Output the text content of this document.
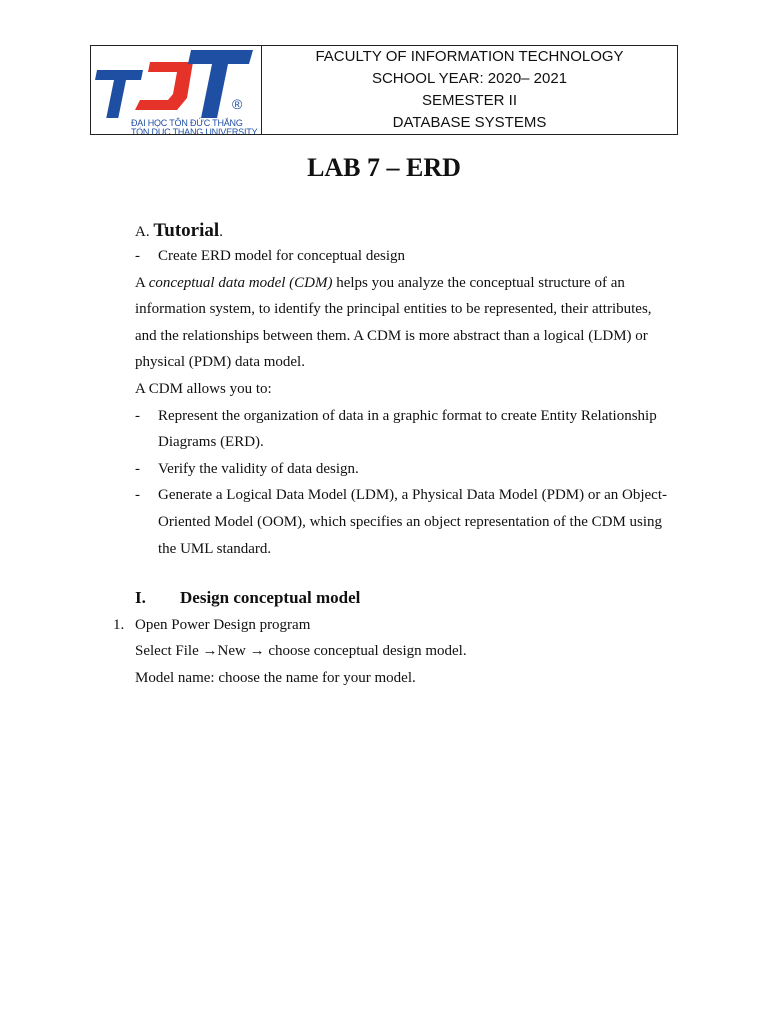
®
ĐẠI HỌC TÔN ĐỨC THẮNG
TON DUC THANG UNIVERSITY
FACULTY OF INFORMATION TECHNOLOGY
SCHOOL YEAR: 2020– 2021
SEMESTER II
DATABASE SYSTEMS
LAB 7 – ERD
A. Tutorial.
- Create ERD model for conceptual design
A conceptual data model (CDM) helps you analyze the conceptual structure of an
information system, to identify the principal entities to be represented, their attributes,
and the relationships between them. A CDM is more abstract than a logical (LDM) or
physical (PDM) data model.
A CDM allows you to:
- Represent the organization of data in a graphic format to create Entity Relationship
Diagrams (ERD).
- Verify the validity of data design.
- Generate a Logical Data Model (LDM), a Physical Data Model (PDM) or an Object-
Oriented Model (OOM), which specifies an object representation of the CDM using
the UML standard.
I.	Design conceptual model
1. Open Power Design program
Select File →New → choose conceptual design model.
Model name: choose the name for your model.
